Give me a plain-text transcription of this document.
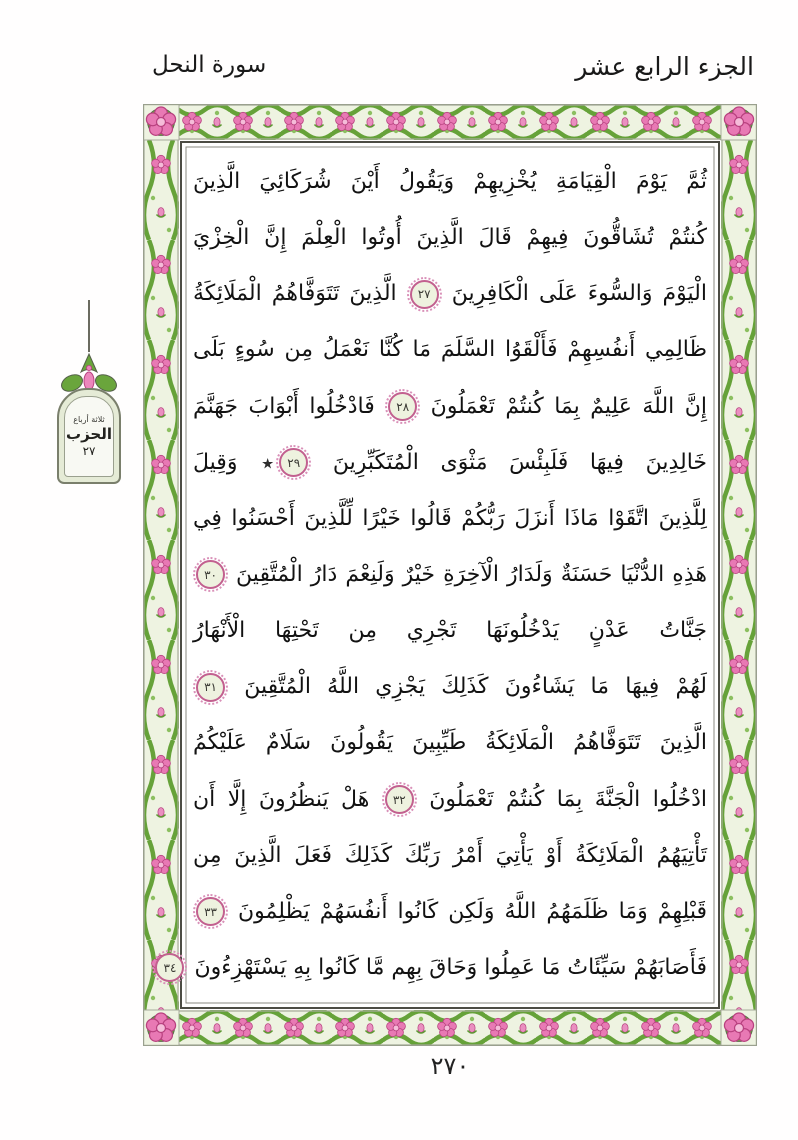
الجزء الرابع عشر
سورة النحل
ثُمَّ يَوْمَ الْقِيَامَةِ يُخْزِيهِمْ وَيَقُولُ أَيْنَ شُرَكَائِيَ الَّذِينَ
كُنتُمْ تُشَاقُّونَ فِيهِمْ قَالَ الَّذِينَ أُوتُوا الْعِلْمَ إِنَّ الْخِزْيَ
الْيَوْمَ وَالسُّوءَ عَلَى الْكَافِرِينَ ٢٧ الَّذِينَ تَتَوَفَّاهُمُ الْمَلَائِكَةُ
ظَالِمِي أَنفُسِهِمْ فَأَلْقَوُا السَّلَمَ مَا كُنَّا نَعْمَلُ مِن سُوءٍ بَلَى
إِنَّ اللَّهَ عَلِيمٌ بِمَا كُنتُمْ تَعْمَلُونَ ٢٨ فَادْخُلُوا أَبْوَابَ جَهَنَّمَ
خَالِدِينَ فِيهَا فَلَبِئْسَ مَثْوَى الْمُتَكَبِّرِينَ ٢٩٭ وَقِيلَ
لِلَّذِينَ اتَّقَوْا مَاذَا أَنزَلَ رَبُّكُمْ قَالُوا خَيْرًا لِّلَّذِينَ أَحْسَنُوا فِي
هَذِهِ الدُّنْيَا حَسَنَةٌ وَلَدَارُ الْآخِرَةِ خَيْرٌ وَلَنِعْمَ دَارُ الْمُتَّقِينَ ٣٠
جَنَّاتُ عَدْنٍ يَدْخُلُونَهَا تَجْرِي مِن تَحْتِهَا الْأَنْهَارُ
لَهُمْ فِيهَا مَا يَشَاءُونَ كَذَلِكَ يَجْزِي اللَّهُ الْمُتَّقِينَ ٣١
الَّذِينَ تَتَوَفَّاهُمُ الْمَلَائِكَةُ طَيِّبِينَ يَقُولُونَ سَلَامٌ عَلَيْكُمُ
ادْخُلُوا الْجَنَّةَ بِمَا كُنتُمْ تَعْمَلُونَ ٣٢ هَلْ يَنظُرُونَ إِلَّا أَن
تَأْتِيَهُمُ الْمَلَائِكَةُ أَوْ يَأْتِيَ أَمْرُ رَبِّكَ كَذَلِكَ فَعَلَ الَّذِينَ مِن
قَبْلِهِمْ وَمَا ظَلَمَهُمُ اللَّهُ وَلَكِن كَانُوا أَنفُسَهُمْ يَظْلِمُونَ ٣٣
فَأَصَابَهُمْ سَيِّئَاتُ مَا عَمِلُوا وَحَاقَ بِهِم مَّا كَانُوا بِهِ يَسْتَهْزِءُونَ ٣٤
ثلاثة أرباع
الحزب
٢٧
٢٧٠
